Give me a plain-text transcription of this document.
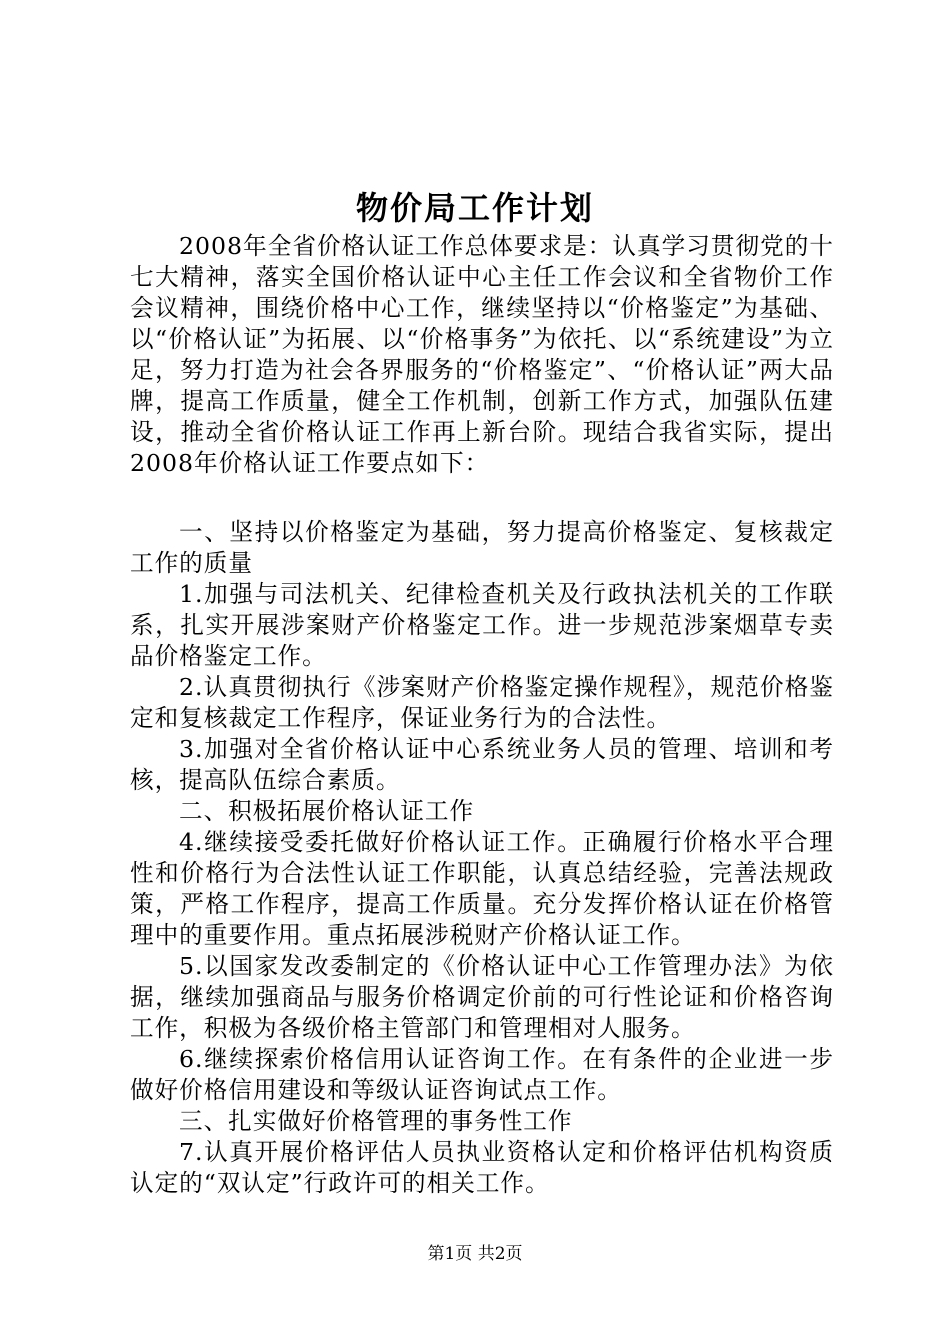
物价局工作计划

2008年全省价格认证工作总体要求是：认真学习贯彻党的十七大精神，落实全国价格认证中心主任工作会议和全省物价工作会议精神，围绕价格中心工作，继续坚持以“价格鉴定”为基础、以“价格认证”为拓展、以“价格事务”为依托、以“系统建设”为立足，努力打造为社会各界服务的“价格鉴定”、“价格认证”两大品牌，提高工作质量，健全工作机制，创新工作方式，加强队伍建设，推动全省价格认证工作再上新台阶。现结合我省实际，提出2008年价格认证工作要点如下：

一、坚持以价格鉴定为基础，努力提高价格鉴定、复核裁定工作的质量

1.加强与司法机关、纪律检查机关及行政执法机关的工作联系，扎实开展涉案财产价格鉴定工作。进一步规范涉案烟草专卖品价格鉴定工作。

2.认真贯彻执行《涉案财产价格鉴定操作规程》，规范价格鉴定和复核裁定工作程序，保证业务行为的合法性。

3.加强对全省价格认证中心系统业务人员的管理、培训和考核，提高队伍综合素质。

二、积极拓展价格认证工作

4.继续接受委托做好价格认证工作。正确履行价格水平合理性和价格行为合法性认证工作职能，认真总结经验，完善法规政策，严格工作程序，提高工作质量。充分发挥价格认证在价格管理中的重要作用。重点拓展涉税财产价格认证工作。

5.以国家发改委制定的《价格认证中心工作管理办法》为依据，继续加强商品与服务价格调定价前的可行性论证和价格咨询工作，积极为各级价格主管部门和管理相对人服务。

6.继续探索价格信用认证咨询工作。在有条件的企业进一步做好价格信用建设和等级认证咨询试点工作。

三、扎实做好价格管理的事务性工作

7.认真开展价格评估人员执业资格认定和价格评估机构资质认定的“双认定”行政许可的相关工作。

第1页 共2页
